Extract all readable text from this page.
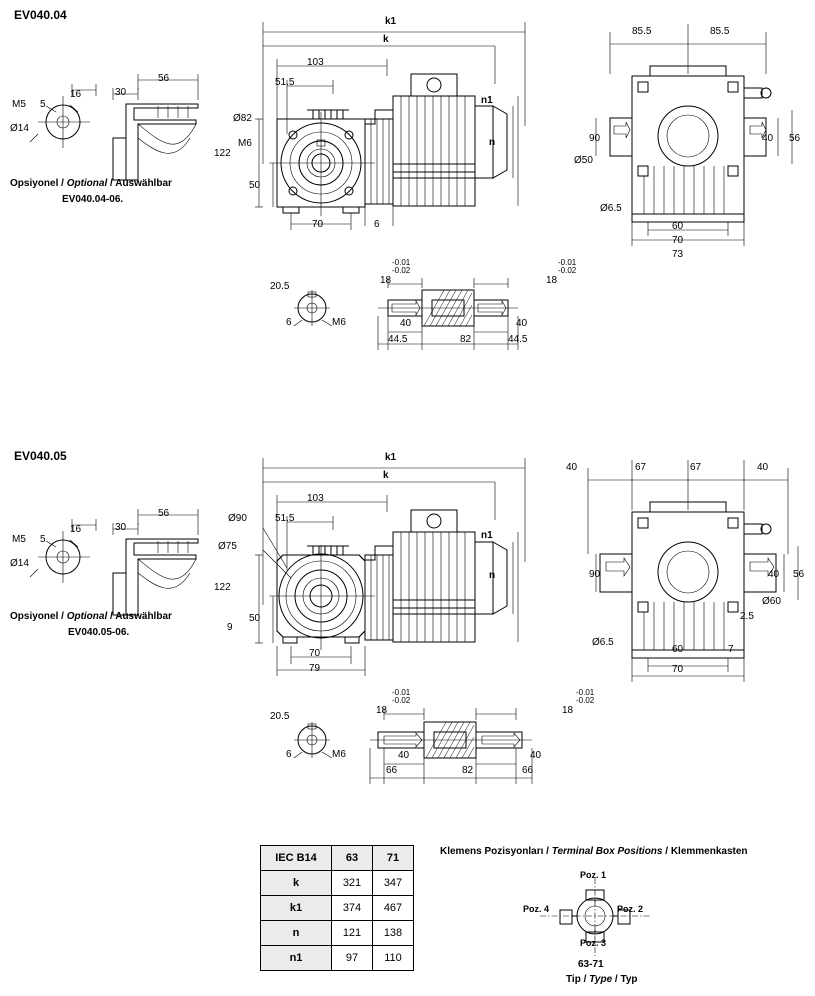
EV040.04
M5 5
16
Ø14
30
56
Opsiyonel / Optional / Auswählbar
EV040.04-06.
k1
k
103
51.5
Ø82
M6
122
50
70	6
n1
n
85.5	85.5
90	40 56
Ø50
Ø6.5
60
70
73
20.5
6	M6
18	18
-0.01
-0.02
-0.01
-0.02
40	40
44.5	82	44.5
EV040.05
M5 5
16
Ø14
30
56
Opsiyonel / Optional / Auswählbar
EV040.05-06.
k1
k
103
51.5
Ø90
Ø75
122
50
9
70
79
n1
n
40	67	67	40
90	40 56
Ø60
2.5
Ø6.5
60	7
70
20.5
6	M6
18	18
-0.01
-0.02
-0.01
-0.02
40	40
66	82	66
IEC B14	63	71
k	321	347
k1	374	467
n	121	138
n1	97	110
Klemens Pozisyonları / Terminal Box Positions / Klemmenkasten
Poz. 1
Poz. 2
Poz. 3
Poz. 4
63-71
Tip / Type / Typ
